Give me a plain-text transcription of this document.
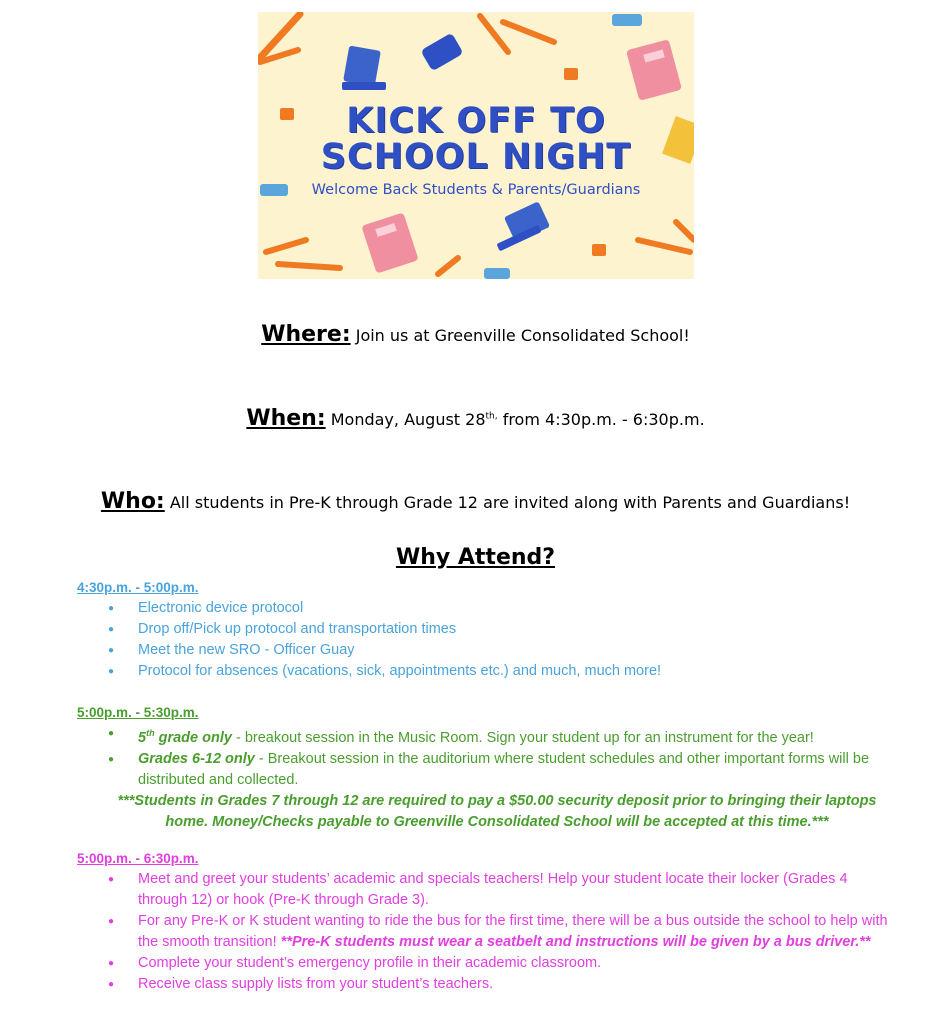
KICK OFF TO
SCHOOL NIGHT
Welcome Back Students & Parents/Guardians
Where: Join us at Greenville Consolidated School!
When: Monday, August $28^{th,}$ from 4:30p.m. - 6:30p.m.
Who: All students in Pre-K through Grade 12 are invited along with Parents and Guardians!
Why Attend?
4:30p.m. - 5:00p.m.
● Electronic device protocol
● Drop off/Pick up protocol and transportation times
● Meet the new SRO - Officer Guay
● Protocol for absences (vacations, sick, appointments etc.) and much, much more!
5:00p.m. - 5:30p.m.
● 5th grade only - breakout session in the Music Room. Sign your student up for an instrument for the year!
● Grades 6-12 only - Breakout session in the auditorium where student schedules and other important forms will be distributed and collected.
***Students in Grades 7 through 12 are required to pay a $50.00 security deposit prior to bringing their laptops home. Money/Checks payable to Greenville Consolidated School will be accepted at this time.***
5:00p.m. - 6:30p.m.
● Meet and greet your students’ academic and specials teachers! Help your student locate their locker (Grades 4 through 12) or hook (Pre-K through Grade 3).
● For any Pre-K or K student wanting to ride the bus for the first time, there will be a bus outside the school to help with the smooth transition! **Pre-K students must wear a seatbelt and instructions will be given by a bus driver.**
● Complete your student’s emergency profile in their academic classroom.
● Receive class supply lists from your student’s teachers.
